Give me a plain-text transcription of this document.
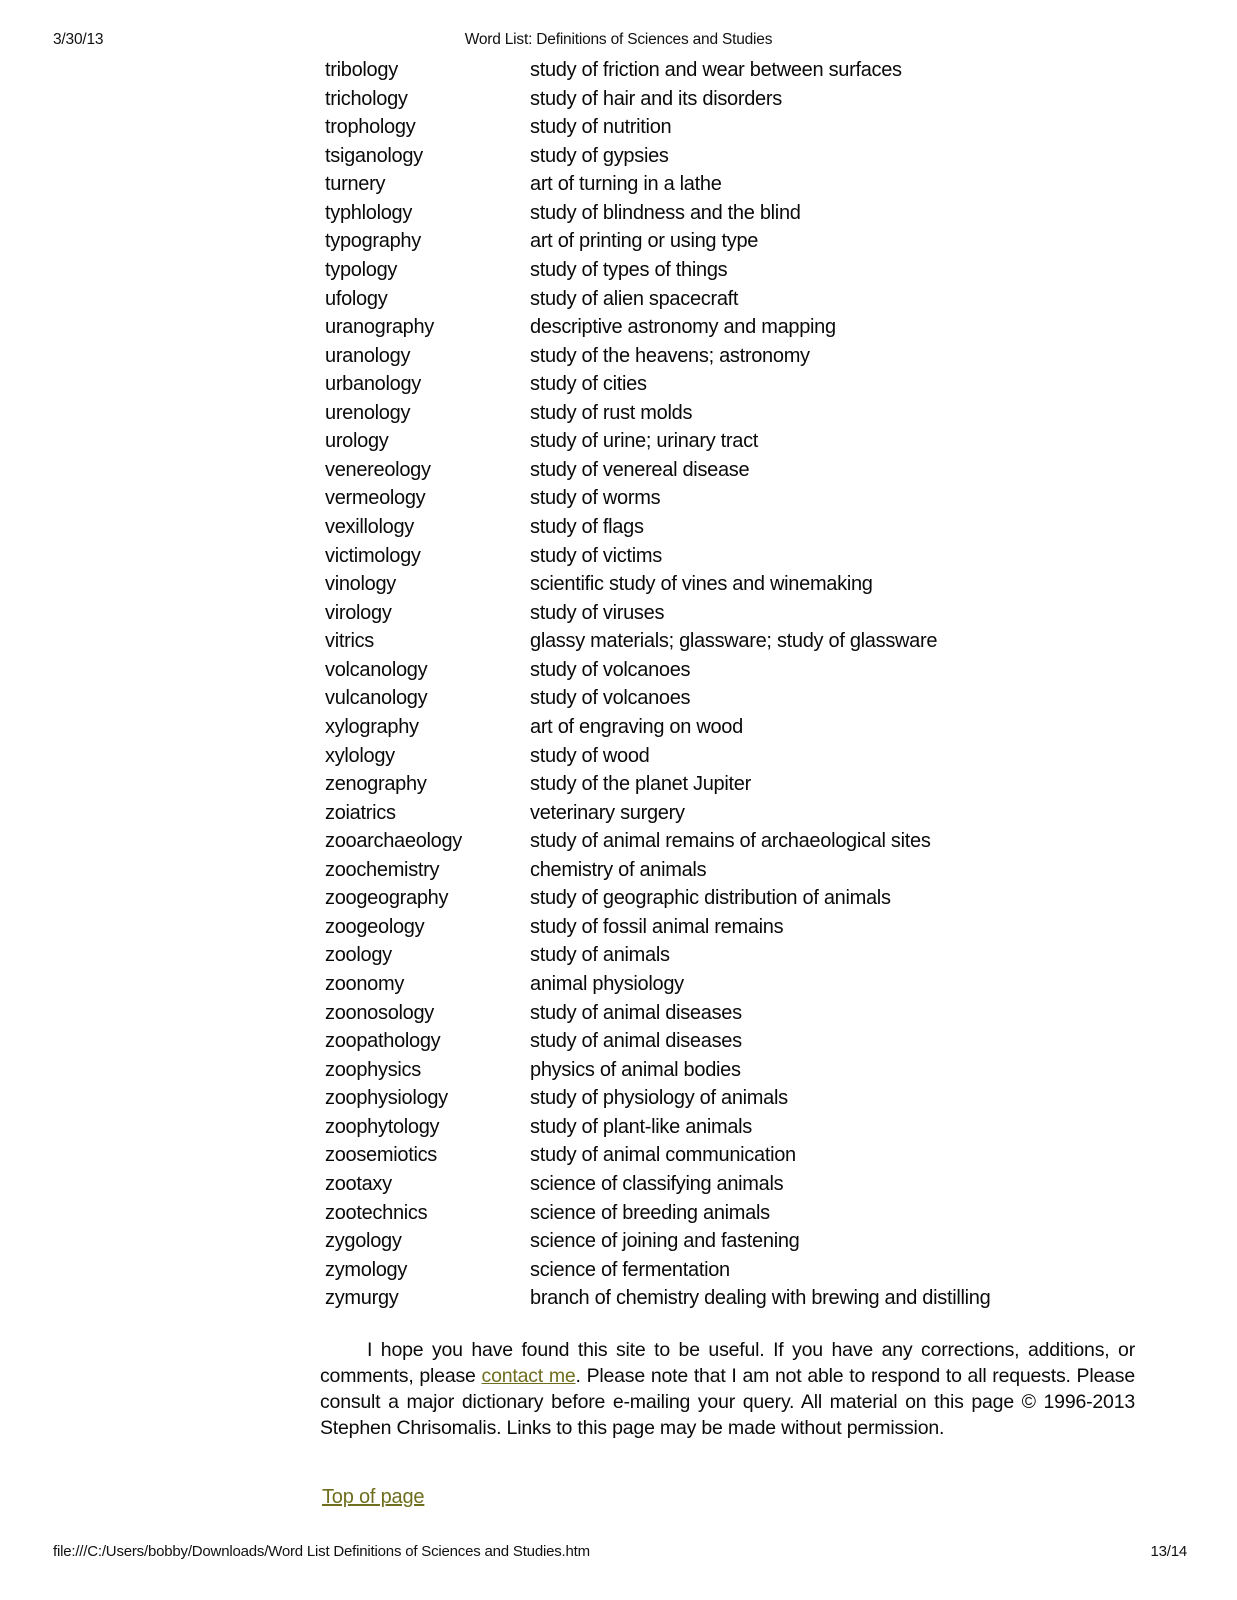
3/30/13	Word List: Definitions of Sciences and Studies
tribology	study of friction and wear between surfaces
trichology	study of hair and its disorders
trophology	study of nutrition
tsiganology	study of gypsies
turnery	art of turning in a lathe
typhlology	study of blindness and the blind
typography	art of printing or using type
typology	study of types of things
ufology	study of alien spacecraft
uranography	descriptive astronomy and mapping
uranology	study of the heavens; astronomy
urbanology	study of cities
urenology	study of rust molds
urology	study of urine; urinary tract
venereology	study of venereal disease
vermeology	study of worms
vexillology	study of flags
victimology	study of victims
vinology	scientific study of vines and winemaking
virology	study of viruses
vitrics	glassy materials; glassware; study of glassware
volcanology	study of volcanoes
vulcanology	study of volcanoes
xylography	art of engraving on wood
xylology	study of wood
zenography	study of the planet Jupiter
zoiatrics	veterinary surgery
zooarchaeology	study of animal remains of archaeological sites
zoochemistry	chemistry of animals
zoogeography	study of geographic distribution of animals
zoogeology	study of fossil animal remains
zoology	study of animals
zoonomy	animal physiology
zoonosology	study of animal diseases
zoopathology	study of animal diseases
zoophysics	physics of animal bodies
zoophysiology	study of physiology of animals
zoophytology	study of plant-like animals
zoosemiotics	study of animal communication
zootaxy	science of classifying animals
zootechnics	science of breeding animals
zygology	science of joining and fastening
zymology	science of fermentation
zymurgy	branch of chemistry dealing with brewing and distilling

I hope you have found this site to be useful. If you have any corrections, additions, or comments, please contact me. Please note that I am not able to respond to all requests. Please consult a major dictionary before e-mailing your query. All material on this page © 1996-2013 Stephen Chrisomalis. Links to this page may be made without permission.

Top of page
file:///C:/Users/bobby/Downloads/Word List Definitions of Sciences and Studies.htm	13/14
